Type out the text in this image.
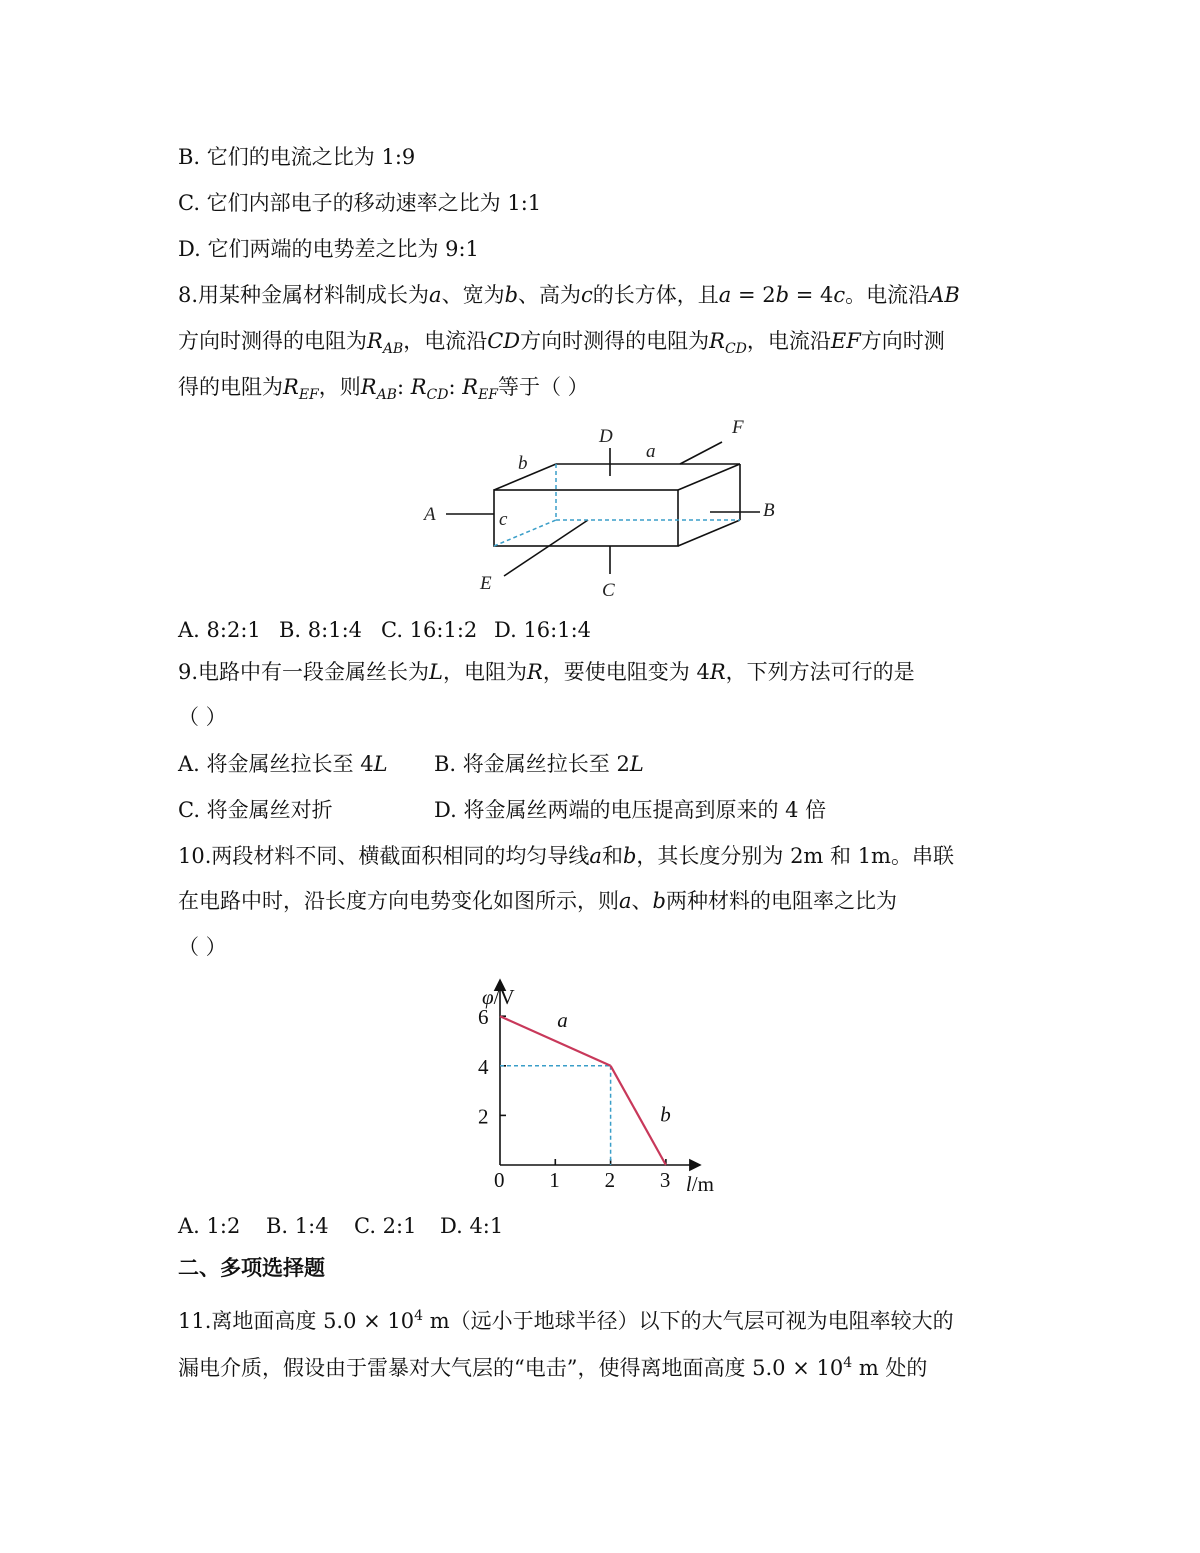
B. 它们的电流之比为 1:9
C. 它们内部电子的移动速率之比为 1:1
D. 它们两端的电势差之比为 9:1
8.用某种金属材料制成长为a、宽为b、高为c的长方体，且a = 2b = 4c。电流沿AB
方向时测得的电阻为$R_{AB}$，电流沿CD方向时测得的电阻为$R_{CD}$，电流沿EF方向时测
得的电阻为$R_{EF}$，则$R_{AB}$: $R_{CD}$: $R_{EF}$等于（ ）
D
a
F
b
A	c	B
E	C
A. 8:2:1 B. 8:1:4 C. 16:1:2 D. 16:1:4
9.电路中有一段金属丝长为L，电阻为R，要使电阻变为 4R，下列方法可行的是
（ ）
A. 将金属丝拉长至 4L B. 将金属丝拉长至 2L
C. 将金属丝对折	D. 将金属丝两端的电压提高到原来的 4 倍
10.两段材料不同、横截面积相同的均匀导线a和b，其长度分别为 2m 和 1m。串联
在电路中时，沿长度方向电势变化如图所示，则a、b两种材料的电阻率之比为
（ ）
0 1 2 3
6
4
2
a
b
φ/V
l/m
A. 1:2 B. 1:4 C. 2:1 D. 4:1
二、多项选择题
11.离地面高度 $5.0 \times 10^4$ m（远小于地球半径）以下的大气层可视为电阻率较大的
漏电介质，假设由于雷暴对大气层的“电击”，使得离地面高度 $5.0 \times 10^4$ m 处的
